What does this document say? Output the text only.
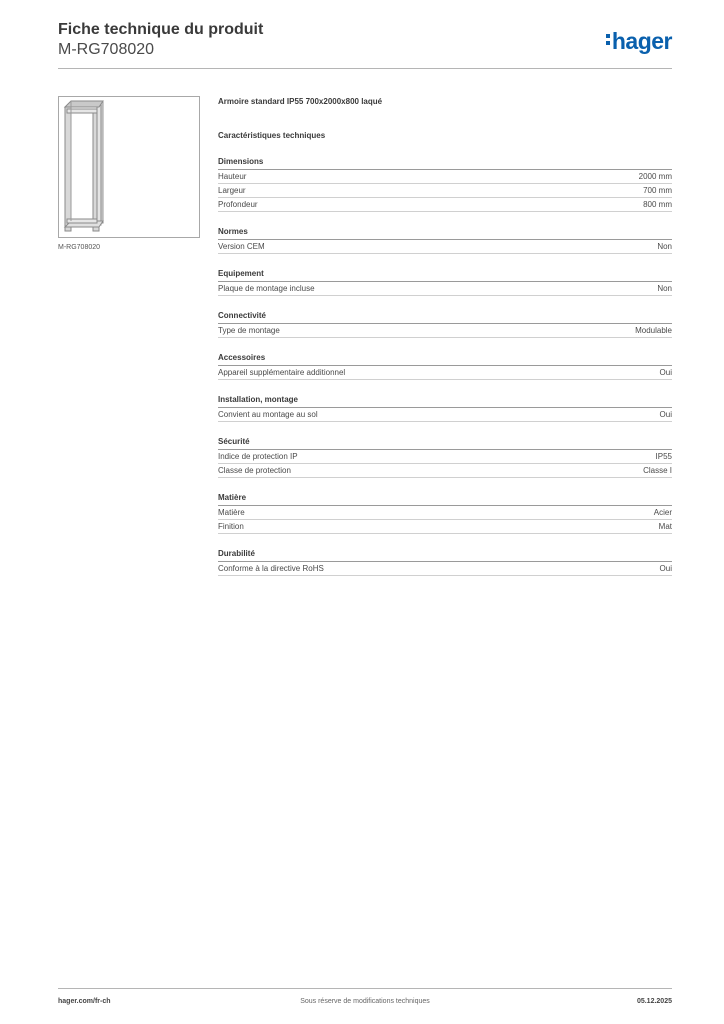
Fiche technique du produit
M-RG708020	hager
M-RG708020
Armoire standard IP55 700x2000x800 laqué
Caractéristiques techniques
Dimensions
Hauteur	2000 mm
Largeur	700 mm
Profondeur	800 mm
Normes
Version CEM	Non
Equipement
Plaque de montage incluse	Non
Connectivité
Type de montage	Modulable
Accessoires
Appareil supplémentaire additionnel	Oui
Installation, montage
Convient au montage au sol	Oui
Sécurité
Indice de protection IP	IP55
Classe de protection	Classe I
Matière
Matière	Acier
Finition	Mat
Durabilité
Conforme à la directive RoHS	Oui
hager.com/fr-ch	Sous réserve de modifications techniques	05.12.2025
